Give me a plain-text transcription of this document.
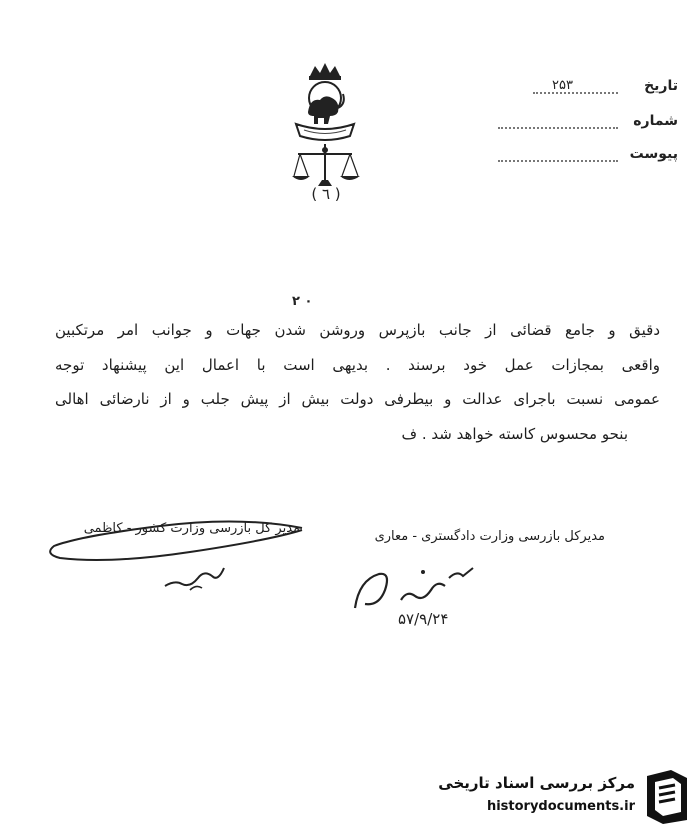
( ٦ )
تاریخ
۲۵۳
شماره
پیوست
۲ ۰
دقیق و جامع قضائی از جانب بازپرس وروشن شدن جهات و جوانب امر مرتکبین
واقعی بمجازات عمل خود برسند . بدیهی است با اعمال این پیشنهاد توجه
عمومی نسبت باجرای عدالت و بیطرفی دولت بیش از پیش جلب و از نارضائی اهالی
بنحو محسوس کاسته خواهد شد . ف
مدیر کل بازرسی وزارت کشور - کاظمی
مدیرکل بازرسی وزارت دادگستری - معاری
۵۷/۹/۲۴
مرکز بررسی اسناد تاریخی
historydocuments.ir
